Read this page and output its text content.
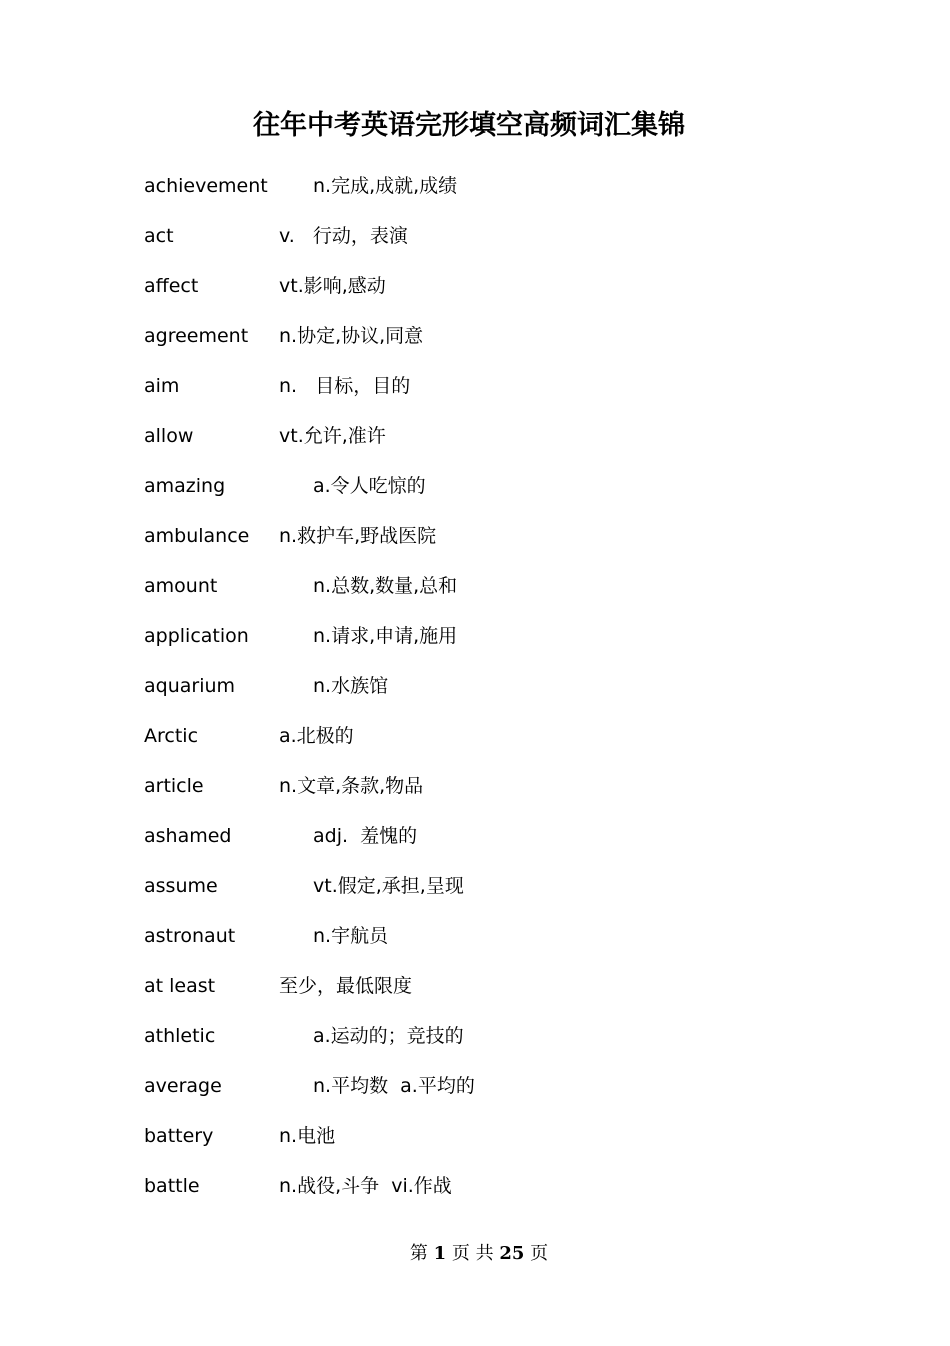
往年中考英语完形填空高频词汇集锦
achievement n.完成,成就,成绩
act	v.   行动，表演
affect	vt.影响,感动
agreement n.协定,协议,同意
aim	n.   目标，目的
allow	vt.允许,准许
amazing	a.令人吃惊的
ambulance n.救护车,野战医院
amount	n.总数,数量,总和
application	n.请求,申请,施用
aquarium	n.水族馆
Arctic	a.北极的
article	n.文章,条款,物品
ashamed	adj.  羞愧的
assume	vt.假定,承担,呈现
astronaut	n.宇航员
at least	至少，最低限度
athletic	a.运动的；竞技的
average	n.平均数  a.平均的
battery	n.电池
battle	n.战役,斗争  vi.作战
第 1 页 共 25 页
